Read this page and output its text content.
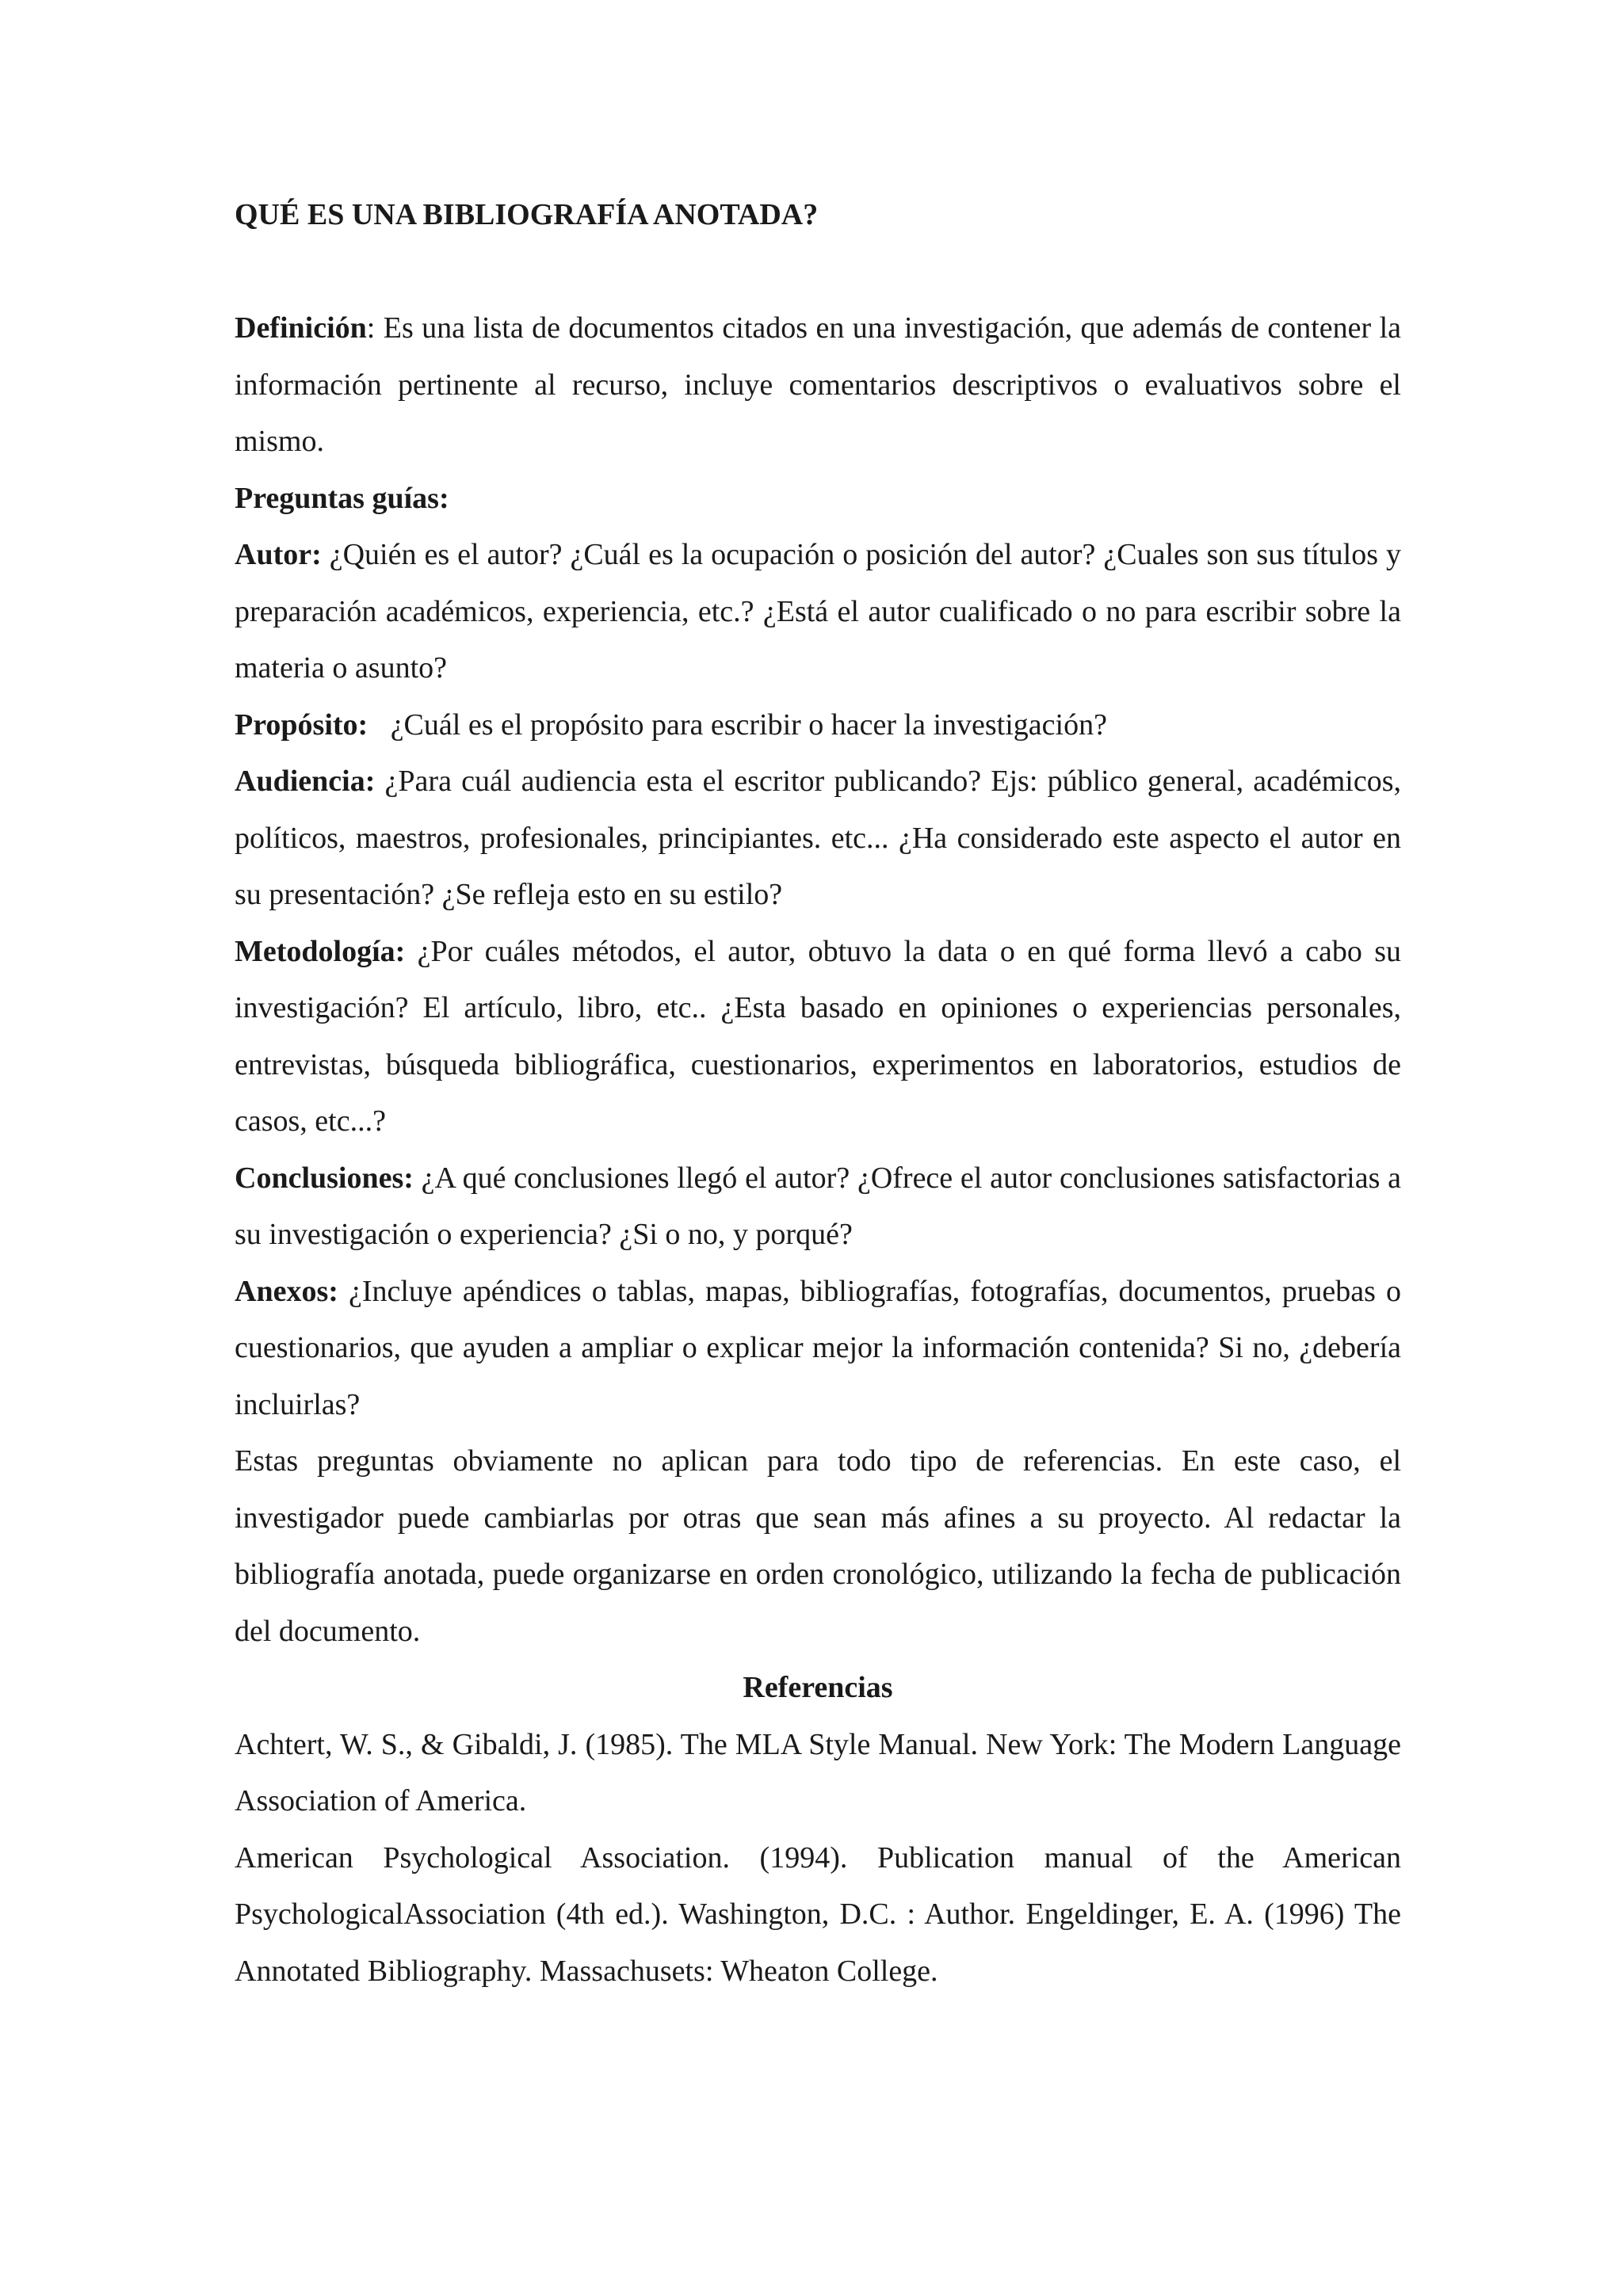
QUÉ ES UNA BIBLIOGRAFÍA ANOTADA?

Definición: Es una lista de documentos citados en una investigación, que además de contener la información pertinente al recurso, incluye comentarios descriptivos o evaluativos sobre el mismo.

Preguntas guías:

Autor: ¿Quién es el autor? ¿Cuál es la ocupación o posición del autor? ¿Cuales son sus títulos y preparación académicos, experiencia, etc.? ¿Está el autor cualificado o no para escribir sobre la materia o asunto?

Propósito:   ¿Cuál es el propósito para escribir o hacer la investigación?

Audiencia: ¿Para cuál audiencia esta el escritor publicando? Ejs: público general, académicos, políticos, maestros, profesionales, principiantes. etc... ¿Ha considerado este aspecto el autor en su presentación? ¿Se refleja esto en su estilo?

Metodología: ¿Por cuáles métodos, el autor, obtuvo la data o en qué forma llevó a cabo su investigación? El artículo, libro, etc.. ¿Esta basado en opiniones o experiencias personales, entrevistas, búsqueda bibliográfica, cuestionarios, experimentos en laboratorios, estudios de casos, etc...?

Conclusiones: ¿A qué conclusiones llegó el autor? ¿Ofrece el autor conclusiones satisfactorias a su investigación o experiencia? ¿Si o no, y porqué?

Anexos: ¿Incluye apéndices o tablas, mapas, bibliografías, fotografías, documentos, pruebas o cuestionarios, que ayuden a ampliar o explicar mejor la información contenida? Si no, ¿debería incluirlas?

Estas preguntas obviamente no aplican para todo tipo de referencias. En este caso, el investigador puede cambiarlas por otras que sean más afines a su proyecto. Al redactar la bibliografía anotada, puede organizarse en orden cronológico, utilizando la fecha de publicación del documento.

Referencias

Achtert, W. S., & Gibaldi, J. (1985). The MLA Style Manual. New York: The Modern Language Association of America.

American Psychological Association. (1994). Publication manual of the American PsychologicalAssociation (4th ed.). Washington, D.C. : Author. Engeldinger, E. A. (1996) The Annotated Bibliography. Massachusets: Wheaton College.
